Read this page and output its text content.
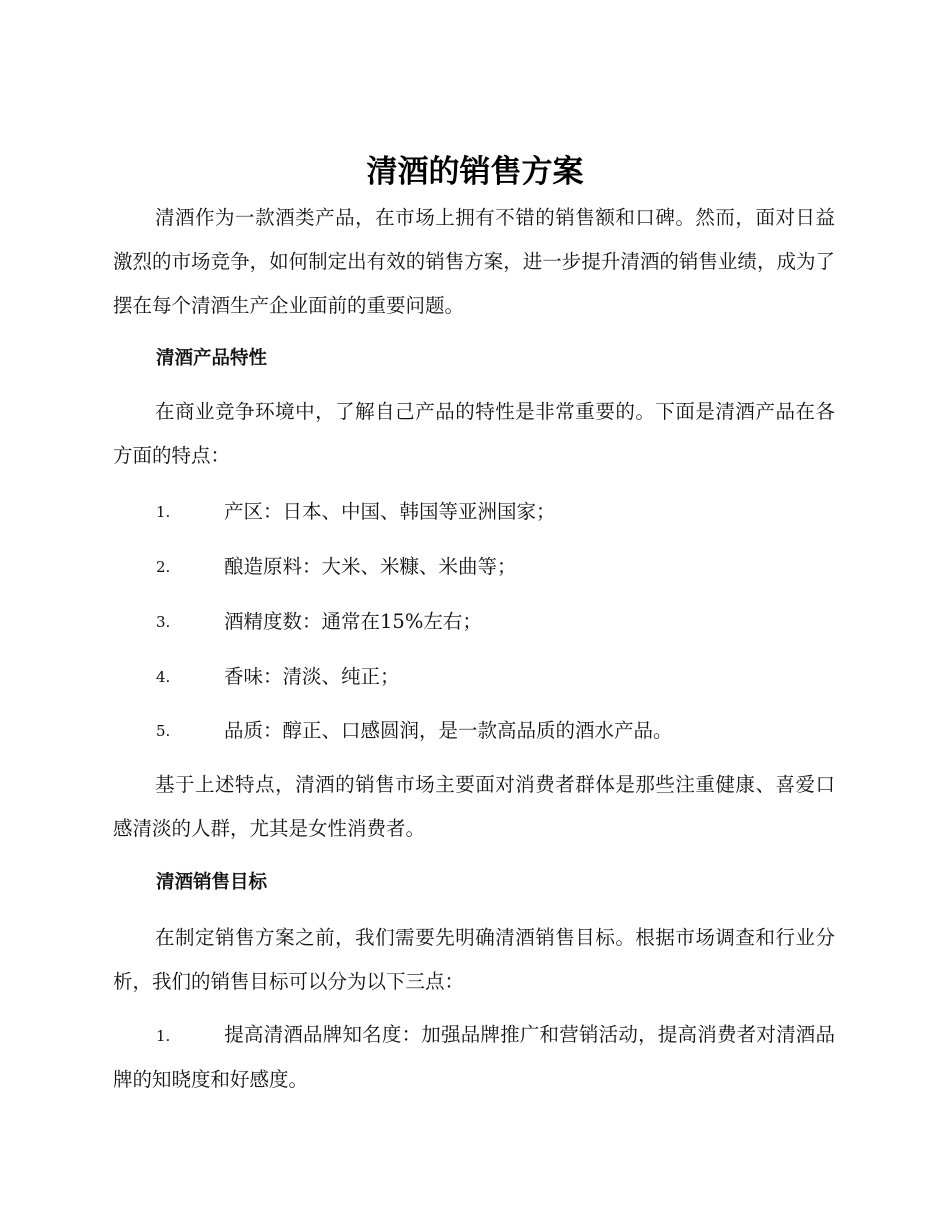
清酒的销售方案

清酒作为一款酒类产品，在市场上拥有不错的销售额和口碑。然而，面对日益激烈的市场竞争，如何制定出有效的销售方案，进一步提升清酒的销售业绩，成为了摆在每个清酒生产企业面前的重要问题。

清酒产品特性

在商业竞争环境中，了解自己产品的特性是非常重要的。下面是清酒产品在各方面的特点：

1.	产区：日本、中国、韩国等亚洲国家；
2.	酿造原料：大米、米糠、米曲等；
3.	酒精度数：通常在15%左右；
4.	香味：清淡、纯正；
5.	品质：醇正、口感圆润，是一款高品质的酒水产品。

基于上述特点，清酒的销售市场主要面对消费者群体是那些注重健康、喜爱口感清淡的人群，尤其是女性消费者。

清酒销售目标

在制定销售方案之前，我们需要先明确清酒销售目标。根据市场调查和行业分析，我们的销售目标可以分为以下三点：

1.	提高清酒品牌知名度：加强品牌推广和营销活动，提高消费者对清酒品牌的知晓度和好感度。
